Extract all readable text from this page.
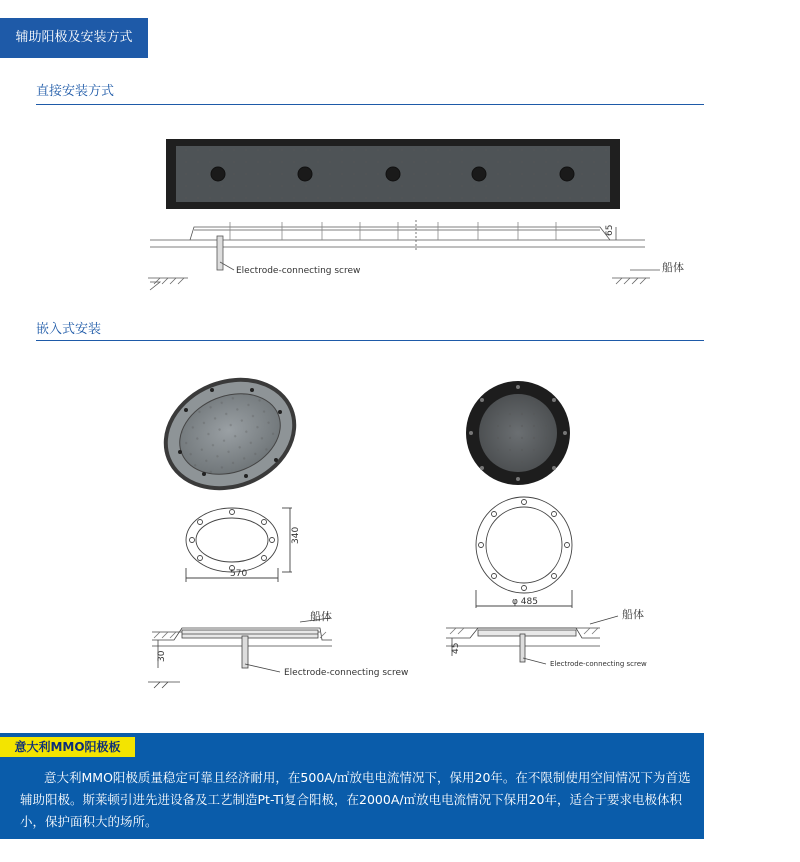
辅助阳极及安装方式
直接安装方式
嵌入式安装
65
Electrode-connecting screw	船体
570
340
φ 485
Electrode-connecting screw
船体
30
Electrode-connecting screw
船体
45
意大利MMO阳极板
意大利MMO阳极质量稳定可靠且经济耐用，在500A/㎡放电电流情况下，保用20年。在不限制使用空间情况下为首选辅助阳极。斯莱顿引进先进设备及工艺制造Pt-Ti复合阳极，在2000A/㎡放电电流情况下保用20年，适合于要求电极体积小，保护面积大的场所。
